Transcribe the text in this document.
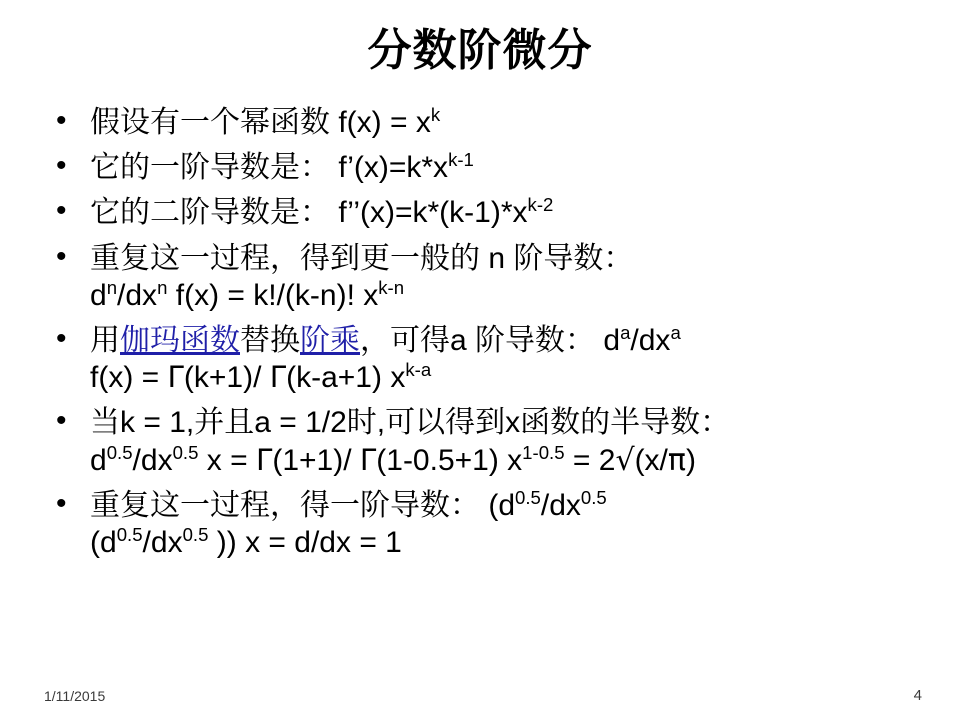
分数阶微分
• 假设有一个幂函数 $f(x) = x^k$
• 它的一阶导数是： $f’(x)=k*x^{k-1}$
• 它的二阶导数是： $f’’(x)=k*(k-1)*x^{k-2}$
• 重复这一过程，得到更一般的 n 阶导数：
$d^n/dx^n$ f(x) = k!/(k-n)! $x^{k-n}$
• 用伽玛函数替换阶乘，可得a 阶导数： $d^a/dx^a$
f(x) = Γ(k+1)/ Γ(k-a+1) $x^{k-a}$
• 当k = 1,并且a = 1/2时,可以得到x函数的半导数：
$d^{0.5}/dx^{0.5}$ x = Γ(1+1)/ Γ(1-0.5+1) $x^{1-0.5} = 2√(x/\pi)$
• 重复这一过程，得一阶导数： ($d^{0.5}/dx^{0.5}$
($d^{0.5}/dx^{0.5}$ )) x = d/dx = 1
1/11/2015	4
